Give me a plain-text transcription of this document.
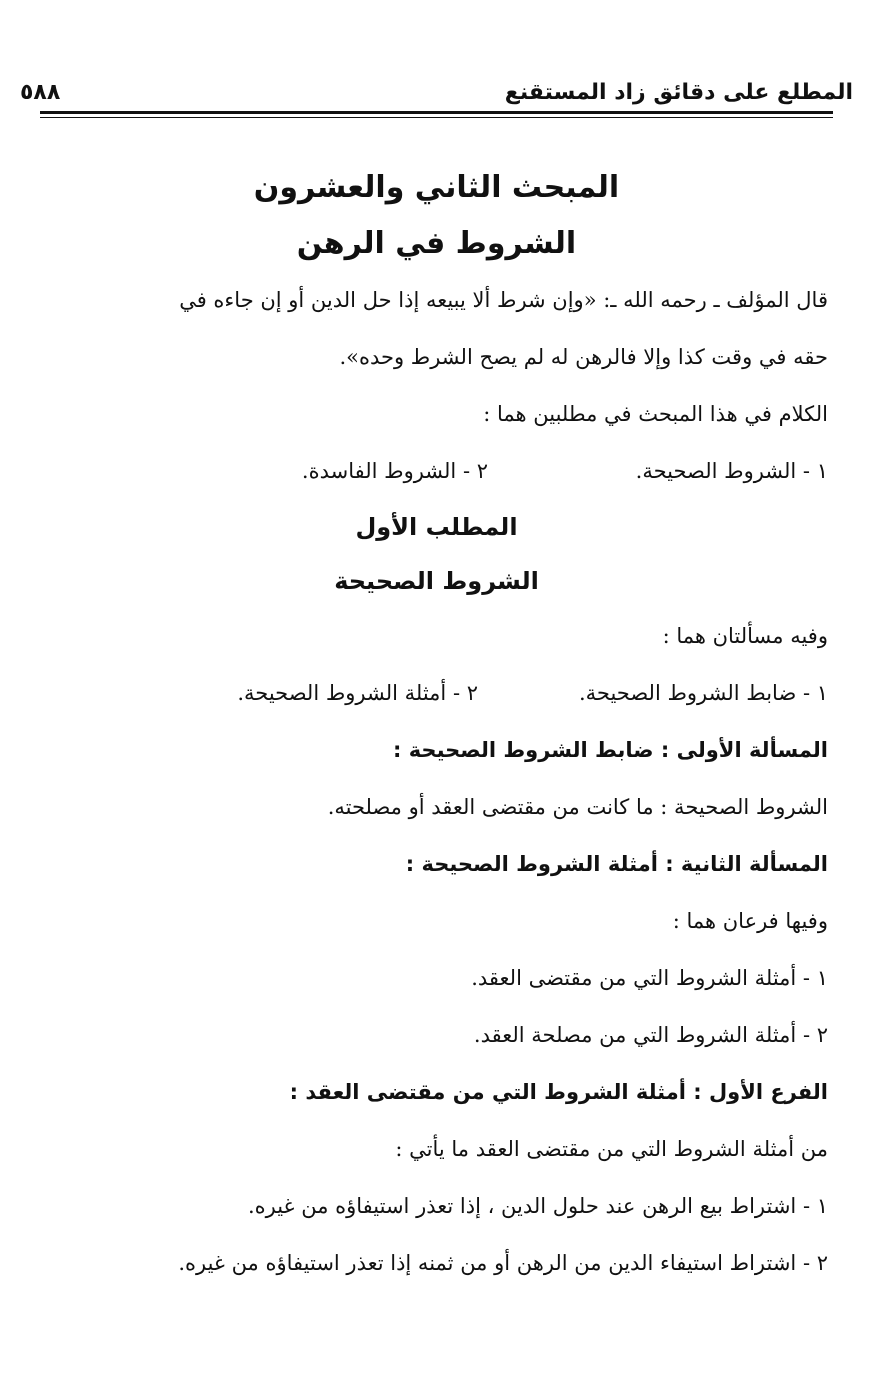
المطلع على دقائق زاد المستقنع
٥٨٨
المبحث الثاني والعشرون
الشروط في الرهن

قال المؤلف ـ رحمه الله ـ: «وإن شرط ألا يبيعه إذا حل الدين أو إن جاءه في

حقه في وقت كذا وإلا فالرهن له لم يصح الشرط وحده».

الكلام في هذا المبحث في مطلبين هما :

١ - الشروط الصحيحة.
٢ - الشروط الفاسدة.
المطلب الأول
الشروط الصحيحة

وفيه مسألتان هما :

١ - ضابط الشروط الصحيحة.
٢ - أمثلة الشروط الصحيحة.

المسألة الأولى : ضابط الشروط الصحيحة :

الشروط الصحيحة : ما كانت من مقتضى العقد أو مصلحته.

المسألة الثانية : أمثلة الشروط الصحيحة :

وفيها فرعان هما :

١ - أمثلة الشروط التي من مقتضى العقد.

٢ - أمثلة الشروط التي من مصلحة العقد.

الفرع الأول : أمثلة الشروط التي من مقتضى العقد :

من أمثلة الشروط التي من مقتضى العقد ما يأتي :

١ - اشتراط بيع الرهن عند حلول الدين ، إذا تعذر استيفاؤه من غيره.

٢ - اشتراط استيفاء الدين من الرهن أو من ثمنه إذا تعذر استيفاؤه من غيره.
